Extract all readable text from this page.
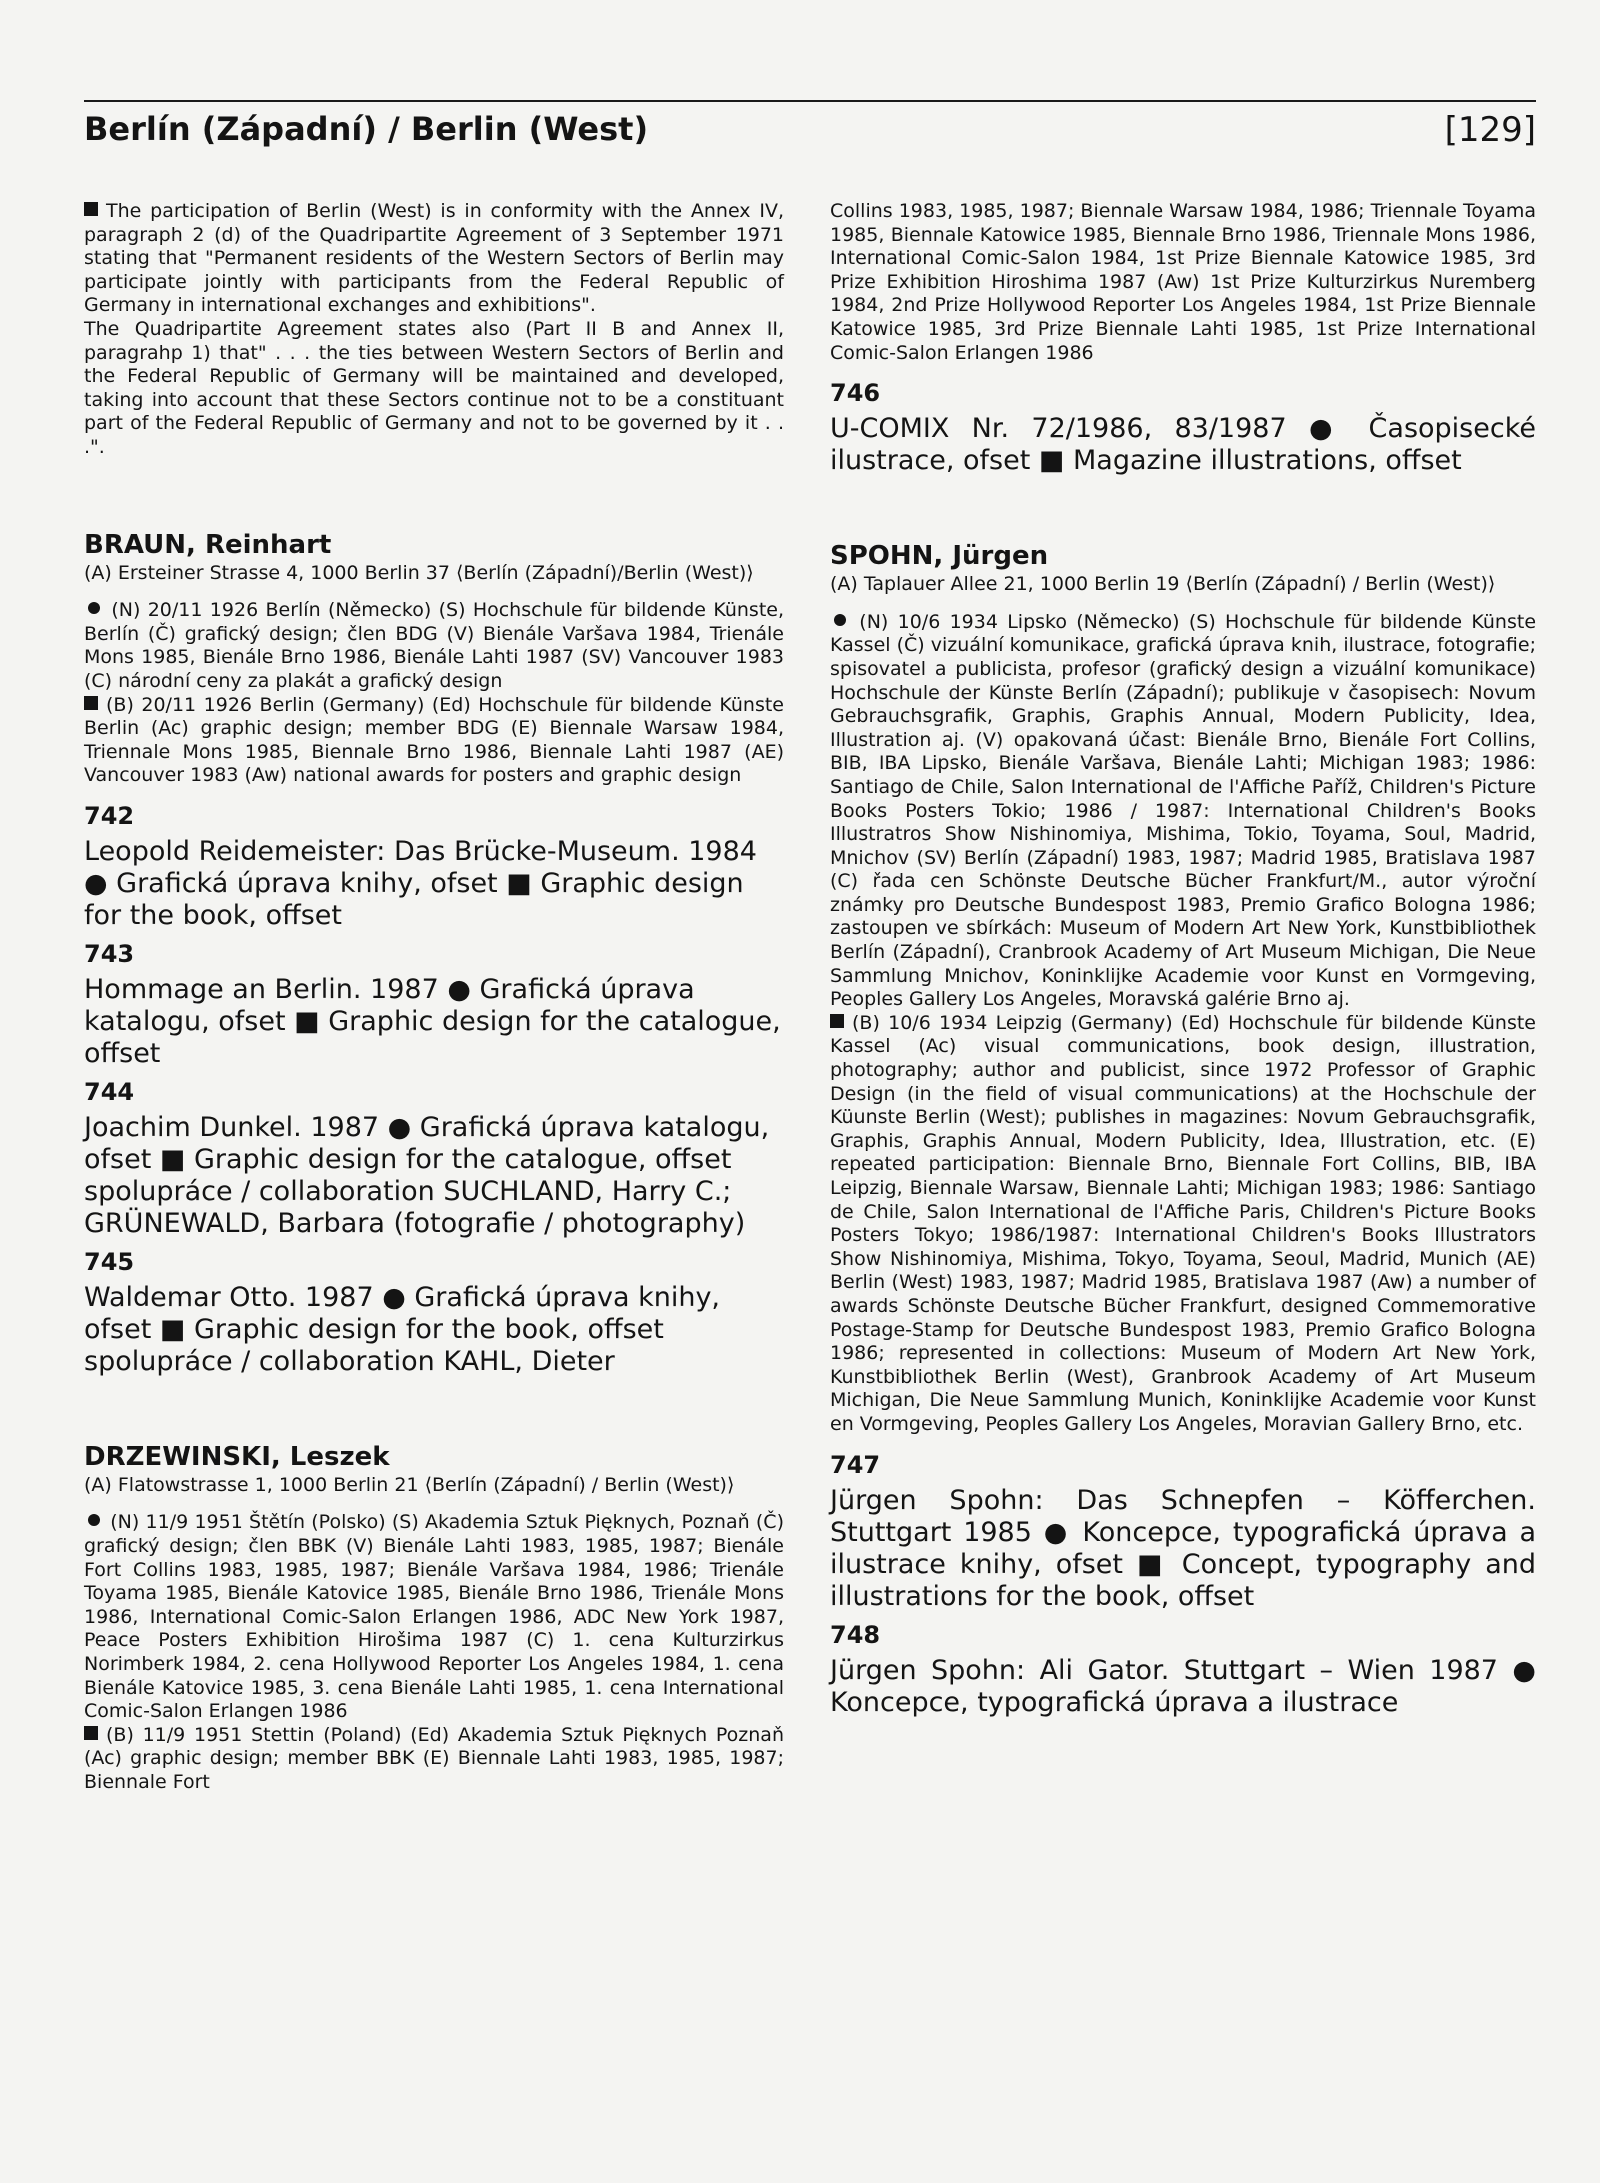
Berlín (Západní) / Berlin (West)	[129]

The participation of Berlin (West) is in conformity with the Annex IV, paragraph 2 (d) of the Quadripartite Agreement of 3 September 1971 stating that "Permanent residents of the Western Sectors of Berlin may participate jointly with participants from the Federal Republic of Germany in international exchanges and exhibitions".
The Quadripartite Agreement states also (Part II B and Annex II, paragrahp 1) that" . . . the ties between Western Sectors of Berlin and the Federal Republic of Germany will be maintained and developed, taking into account that these Sectors continue not to be a constituant part of the Federal Republic of Germany and not to be governed by it . . .".

BRAUN, Reinhart

(A) Ersteiner Strasse 4, 1000 Berlin 37 ⟨Berlín (Západní)/Berlin (West)⟩

(N) 20/11 1926 Berlín (Německo) (S) Hochschule für bildende Künste, Berlín (Č) grafický design; člen BDG (V) Bienále Varšava 1984, Trienále Mons 1985, Bienále Brno 1986, Bienále Lahti 1987 (SV) Vancouver 1983 (C) národní ceny za plakát a grafický design
(B) 20/11 1926 Berlin (Germany) (Ed) Hochschule für bildende Künste Berlin (Ac) graphic design; member BDG (E) Biennale Warsaw 1984, Triennale Mons 1985, Biennale Brno 1986, Biennale Lahti 1987 (AE) Vancouver 1983 (Aw) national awards for posters and graphic design

742

Leopold Reidemeister: Das Brücke-Museum. 1984 ● Grafická úprava knihy, ofset ■ Graphic design for the book, offset

743

Hommage an Berlin. 1987 ● Grafická úprava katalogu, ofset ■ Graphic design for the catalogue, offset

744

Joachim Dunkel. 1987 ● Grafická úprava katalogu, ofset ■ Graphic design for the catalogue, offset
spolupráce / collaboration SUCHLAND, Harry C.; GRÜNEWALD, Barbara (fotografie / photography)

745

Waldemar Otto. 1987 ● Grafická úprava knihy, ofset ■ Graphic design for the book, offset
spolupráce / collaboration KAHL, Dieter

DRZEWINSKI, Leszek

(A) Flatowstrasse 1, 1000 Berlin 21 ⟨Berlín (Západní) / Berlin (West)⟩

(N) 11/9 1951 Štětín (Polsko) (S) Akademia Sztuk Pięknych, Poznaň (Č) grafický design; člen BBK (V) Bienále Lahti 1983, 1985, 1987; Bienále Fort Collins 1983, 1985, 1987; Bienále Varšava 1984, 1986; Trienále Toyama 1985, Bienále Katovice 1985, Bienále Brno 1986, Trienále Mons 1986, International Comic-Salon Erlangen 1986, ADC New York 1987, Peace Posters Exhibition Hirošima 1987 (C) 1. cena Kulturzirkus Norimberk 1984, 2. cena Hollywood Reporter Los Angeles 1984, 1. cena Bienále Katovice 1985, 3. cena Bienále Lahti 1985, 1. cena International Comic-Salon Erlangen 1986
(B) 11/9 1951 Stettin (Poland) (Ed) Akademia Sztuk Pięknych Poznaň (Ac) graphic design; member BBK (E) Biennale Lahti 1983, 1985, 1987; Biennale Fort

Collins 1983, 1985, 1987; Biennale Warsaw 1984, 1986; Triennale Toyama 1985, Biennale Katowice 1985, Biennale Brno 1986, Triennale Mons 1986, International Comic-Salon 1984, 1st Prize Biennale Katowice 1985, 3rd Prize Exhibition Hiroshima 1987 (Aw) 1st Prize Kulturzirkus Nuremberg 1984, 2nd Prize Hollywood Reporter Los Angeles 1984, 1st Prize Biennale Katowice 1985, 3rd Prize Biennale Lahti 1985, 1st Prize International Comic-Salon Erlangen 1986

746

U-COMIX Nr. 72/1986, 83/1987 ● Časopisecké ilustrace, ofset ■ Magazine illustrations, offset

SPOHN, Jürgen

(A) Taplauer Allee 21, 1000 Berlin 19 ⟨Berlín (Západní) / Berlin (West)⟩

(N) 10/6 1934 Lipsko (Německo) (S) Hochschule für bildende Künste Kassel (Č) vizuální komunikace, grafická úprava knih, ilustrace, fotografie; spisovatel a publicista, profesor (grafický design a vizuální komunikace) Hochschule der Künste Berlín (Západní); publikuje v časopisech: Novum Gebrauchsgrafik, Graphis, Graphis Annual, Modern Publicity, Idea, Illustration aj. (V) opakovaná účast: Bienále Brno, Bienále Fort Collins, BIB, IBA Lipsko, Bienále Varšava, Bienále Lahti; Michigan 1983; 1986: Santiago de Chile, Salon International de l'Affiche Paříž, Children's Picture Books Posters Tokio; 1986 / 1987: International Children's Books Illustratros Show Nishinomiya, Mishima, Tokio, Toyama, Soul, Madrid, Mnichov (SV) Berlín (Západní) 1983, 1987; Madrid 1985, Bratislava 1987 (C) řada cen Schönste Deutsche Bücher Frankfurt/M., autor výroční známky pro Deutsche Bundespost 1983, Premio Grafico Bologna 1986; zastoupen ve sbírkách: Museum of Modern Art New York, Kunstbibliothek Berlín (Západní), Cranbrook Academy of Art Museum Michigan, Die Neue Sammlung Mnichov, Koninklijke Academie voor Kunst en Vormgeving, Peoples Gallery Los Angeles, Moravská galérie Brno aj.
(B) 10/6 1934 Leipzig (Germany) (Ed) Hochschule für bildende Künste Kassel (Ac) visual communications, book design, illustration, photography; author and publicist, since 1972 Professor of Graphic Design (in the field of visual communications) at the Hochschule der Küunste Berlin (West); publishes in magazines: Novum Gebrauchsgrafik, Graphis, Graphis Annual, Modern Publicity, Idea, Illustration, etc. (E) repeated participation: Biennale Brno, Biennale Fort Collins, BIB, IBA Leipzig, Biennale Warsaw, Biennale Lahti; Michigan 1983; 1986: Santiago de Chile, Salon International de l'Affiche Paris, Children's Picture Books Posters Tokyo; 1986/1987: International Children's Books Illustrators Show Nishinomiya, Mishima, Tokyo, Toyama, Seoul, Madrid, Munich (AE) Berlin (West) 1983, 1987; Madrid 1985, Bratislava 1987 (Aw) a number of awards Schönste Deutsche Bücher Frankfurt, designed Commemorative Postage-Stamp for Deutsche Bundespost 1983, Premio Grafico Bologna 1986; represented in collections: Museum of Modern Art New York, Kunstbibliothek Berlin (West), Granbrook Academy of Art Museum Michigan, Die Neue Sammlung Munich, Koninklijke Academie voor Kunst en Vormgeving, Peoples Gallery Los Angeles, Moravian Gallery Brno, etc.

747

Jürgen Spohn: Das Schnepfen – Köfferchen. Stuttgart 1985 ● Koncepce, typografická úprava a ilustrace knihy, ofset ■ Concept, typography and illustrations for the book, offset

748

Jürgen Spohn: Ali Gator. Stuttgart – Wien 1987 ● Koncepce, typografická úprava a ilustrace
